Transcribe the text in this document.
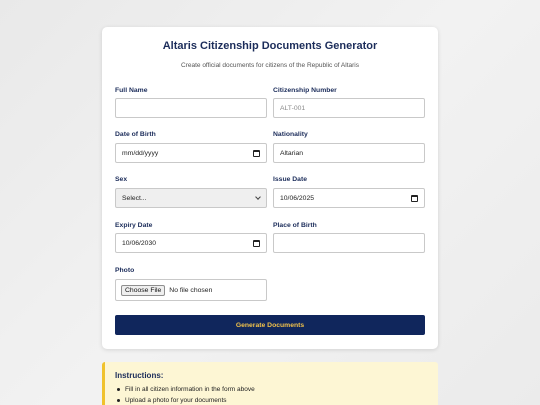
Altaris Citizenship Documents Generator
Create official documents for citizens of the Republic of Altaris
Full Name	Citizenship Number
ALT-001
Date of Birth
mm/dd/yyyy
Nationality
Altarian
Sex
Select...
Issue Date
10/06/2025
Expiry Date
10/06/2030
Place of Birth
Photo
Choose File	No file chosen
Generate Documents
Instructions:
Fill in all citizen information in the form above
Upload a photo for your documents
